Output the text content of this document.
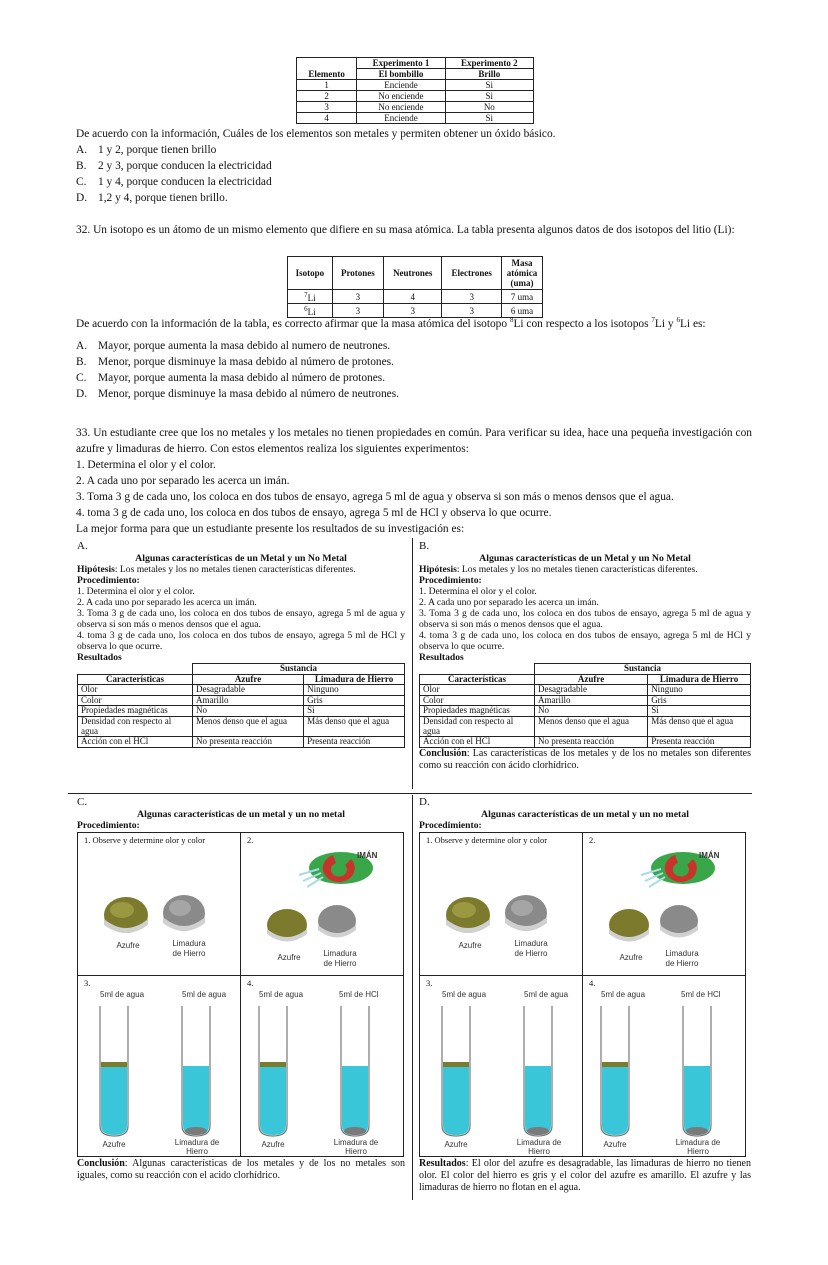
	Experimento 1	Experimento 2
Elemento	El bombillo	Brillo
1	Enciende	Si
2	No enciende	Si
3	No enciende	No
4	Enciende	Si

De acuerdo con la información, Cuáles de los elementos son metales y permiten obtener un óxido básico.

A. 1 y 2, porque tienen brillo
B. 2 y 3, porque conducen la electricidad
C. 1 y 4, porque conducen la electricidad
D. 1,2 y 4, porque tienen brillo.

32. Un isotopo es un átomo de un mismo elemento que difiere en su masa atómica. La tabla presenta algunos datos de dos isotopos del litio (Li):

Isotopo	Protones	Neutrones	Electrones	Masa atómica (uma)
$^7$Li	3	4	3	7 uma
$^6$Li	3	3	3	6 uma

De acuerdo con la información de la tabla, es correcto afirmar que la masa atómica del isotopo $^8$Li con respecto a los isotopos $^7$Li y $^6$Li es:

A. Mayor, porque aumenta la masa debido al numero de neutrones.
B. Menor, porque disminuye la masa debido al número de protones.
C. Mayor, porque aumenta la masa debido al número de protones.
D. Menor, porque disminuye la masa debido al número de neutrones.

33. Un estudiante cree que los no metales y los metales no tienen propiedades en común. Para verificar su idea, hace una pequeña investigación con azufre y limaduras de hierro. Con estos elementos realiza los siguientes experimentos:

1. Determina el olor y el color.

2. A cada uno por separado les acerca un imán.

3. Toma 3 g de cada uno, los coloca en dos tubos de ensayo, agrega 5 ml de agua y observa si son más o menos densos que el agua.

4. toma 3 g de cada uno, los coloca en dos tubos de ensayo, agrega 5 ml de HCl y observa lo que ocurre.

La mejor forma para que un estudiante presente los resultados de su investigación es:

A.
Algunas características de un Metal y un No Metal
Hipótesis: Los metales y los no metales tienen características diferentes.
Procedimiento:
1. Determina el olor y el color.
2. A cada uno por separado les acerca un imán.
3. Toma 3 g de cada uno, los coloca en dos tubos de ensayo, agrega 5 ml de agua y observa si son más o menos densos que el agua.
4. toma 3 g de cada uno, los coloca en dos tubos de ensayo, agrega 5 ml de HCl y observa lo que ocurre.
Resultados
	Sustancia	
Características	Azufre	Limadura de Hierro
Olor	Desagradable	Ninguno
Color	Amarillo	Gris
Propiedades magnéticas	No	Si
Densidad con respecto al agua	Menos denso que el agua	Más denso que el agua
Acción con el HCl	No presenta reacción	Presenta reacción
B.
Algunas características de un Metal y un No Metal
Hipótesis: Los metales y los no metales tienen características diferentes.
Procedimiento:
1. Determina el olor y el color.
2. A cada uno por separado les acerca un imán.
3. Toma 3 g de cada uno, los coloca en dos tubos de ensayo, agrega 5 ml de agua y observa si son más o menos densos que el agua.
4. toma 3 g de cada uno, los coloca en dos tubos de ensayo, agrega 5 ml de HCl y observa lo que ocurre.
Resultados
	Sustancia	
Características	Azufre	Limadura de Hierro
Olor	Desagradable	Ninguno
Color	Amarillo	Gris
Propiedades magnéticas	No	Si
Densidad con respecto al agua	Menos denso que el agua	Más denso que el agua
Acción con el HCl	No presenta reacción	Presenta reacción
Conclusión: Las características de los metales y de los no metales son diferentes como su reacción con ácido clorhídrico.
C.
Algunas características de un metal y un no metal
Procedimiento:
D.
Algunas características de un metal y un no metal
Procedimiento:
1. Observe y determine olor y color
Azufre	Limadura
de Hierro
2.
IMÁN
Azufre	Limadura
de Hierro
3.
5ml de agua	5ml de agua
Azufre	Limadura de
Hierro
4.
5ml de agua	5ml de HCl
Azufre	Limadura de
Hierro
1. Observe y determine olor y color
Azufre	Limadura
de Hierro
2.
IMÁN
Azufre	Limadura
de Hierro
3.
5ml de agua	5ml de agua
Azufre	Limadura de
Hierro
4.
5ml de agua	5ml de HCl
Azufre	Limadura de
Hierro
Conclusión: Algunas características de los metales y de los no metales son iguales, como su reacción con el acido clorhídrico.
Resultados: El olor del azufre es desagradable, las limaduras de hierro no tienen olor. El color del hierro es gris y el color del azufre es amarillo. El azufre y las limaduras de hierro no flotan en el agua.
